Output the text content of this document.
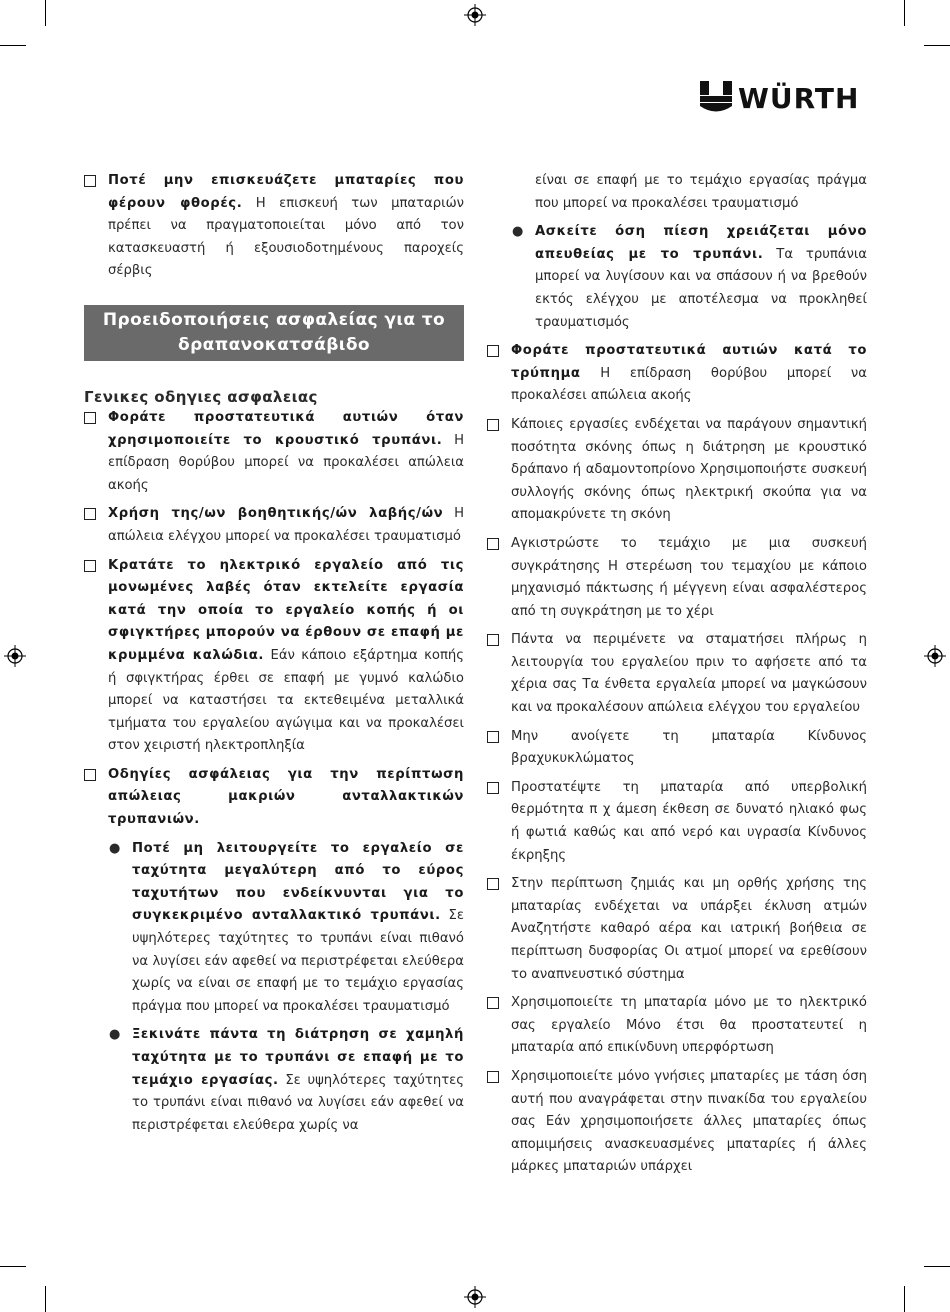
WÜRTH
Ποτέ μην επισκευάζετε μπαταρίες που φέρουν φθορές. Η επισκευή των μπαταριών πρέπει να πραγματοποιείται μόνο από τον κατασκευαστή ή εξουσιοδοτημένους παροχείς σέρβις
Προειδοποιήσεις ασφαλείας για το δραπανοκατσάβιδο
Γενικες οδηγιες ασφαλειας
Φοράτε προστατευτικά αυτιών όταν χρησιμοποιείτε το κρουστικό τρυπάνι. Η επίδραση θορύβου μπορεί να προκαλέσει απώλεια ακοής
Χρήση της/ων βοηθητικής/ών λαβής/ών Η απώλεια ελέγχου μπορεί να προκαλέσει τραυματισμό
Κρατάτε το ηλεκτρικό εργαλείο από τις μονωμένες λαβές όταν εκτελείτε εργασία κατά την οποία το εργαλείο κοπής ή οι σφιγκτήρες μπορούν να έρθουν σε επαφή με κρυμμένα καλώδια. Εάν κάποιο εξάρτημα κοπής ή σφιγκτήρας έρθει σε επαφή με γυμνό καλώδιο μπορεί να καταστήσει τα εκτεθειμένα μεταλλικά τμήματα του εργαλείου αγώγιμα και να προκαλέσει στον χειριστή ηλεκτροπληξία
Οδηγίες ασφάλειας για την περίπτωση απώλειας μακριών ανταλλακτικών τρυπανιών.
● Ποτέ μη λειτουργείτε το εργαλείο σε ταχύτητα μεγαλύτερη από το εύρος ταχυτήτων που ενδείκνυνται για το συγκεκριμένο ανταλλακτικό τρυπάνι. Σε υψηλότερες ταχύτητες το τρυπάνι είναι πιθανό να λυγίσει εάν αφεθεί να περιστρέφεται ελεύθερα χωρίς να είναι σε επαφή με το τεμάχιο εργασίας πράγμα που μπορεί να προκαλέσει τραυματισμό
● Ξεκινάτε πάντα τη διάτρηση σε χαμηλή ταχύτητα με το τρυπάνι σε επαφή με το τεμάχιο εργασίας. Σε υψηλότερες ταχύτητες το τρυπάνι είναι πιθανό να λυγίσει εάν αφεθεί να περιστρέφεται ελεύθερα χωρίς να
είναι σε επαφή με το τεμάχιο εργασίας πράγμα που μπορεί να προκαλέσει τραυματισμό
● Ασκείτε όση πίεση χρειάζεται μόνο απευθείας με το τρυπάνι. Τα τρυπάνια μπορεί να λυγίσουν και να σπάσουν ή να βρεθούν εκτός ελέγχου με αποτέλεσμα να προκληθεί τραυματισμός
Φοράτε προστατευτικά αυτιών κατά το τρύπημα Η επίδραση θορύβου μπορεί να προκαλέσει απώλεια ακοής
Κάποιες εργασίες ενδέχεται να παράγουν σημαντική ποσότητα σκόνης όπως η διάτρηση με κρουστικό δράπανο ή αδαμοντοπρίονο Χρησιμοποιήστε συσκευή συλλογής σκόνης όπως ηλεκτρική σκούπα για να απομακρύνετε τη σκόνη
Αγκιστρώστε το τεμάχιο με μια συσκευή συγκράτησης Η στερέωση του τεμαχίου με κάποιο μηχανισμό πάκτωσης ή μέγγενη είναι ασφαλέστερος από τη συγκράτηση με το χέρι
Πάντα να περιμένετε να σταματήσει πλήρως η λειτουργία του εργαλείου πριν το αφήσετε από τα χέρια σας Τα ένθετα εργαλεία μπορεί να μαγκώσουν και να προκαλέσουν απώλεια ελέγχου του εργαλείου
Μην ανοίγετε τη μπαταρία Κίνδυνος βραχυκυκλώματος
Προστατέψτε τη μπαταρία από υπερβολική θερμότητα π χ άμεση έκθεση σε δυνατό ηλιακό φως ή φωτιά καθώς και από νερό και υγρασία Κίνδυνος έκρηξης
Στην περίπτωση ζημιάς και μη ορθής χρήσης της μπαταρίας ενδέχεται να υπάρξει έκλυση ατμών Αναζητήστε καθαρό αέρα και ιατρική βοήθεια σε περίπτωση δυσφορίας Οι ατμοί μπορεί να ερεθίσουν το αναπνευστικό σύστημα
Χρησιμοποιείτε τη μπαταρία μόνο με το ηλεκτρικό σας εργαλείο Μόνο έτσι θα προστατευτεί η μπαταρία από επικίνδυνη υπερφόρτωση
Χρησιμοποιείτε μόνο γνήσιες μπαταρίες με τάση όση αυτή που αναγράφεται στην πινακίδα του εργαλείου σας Εάν χρησιμοποιήσετε άλλες μπαταρίες όπως απομιμήσεις ανασκευασμένες μπαταρίες ή άλλες μάρκες μπαταριών υπάρχει
